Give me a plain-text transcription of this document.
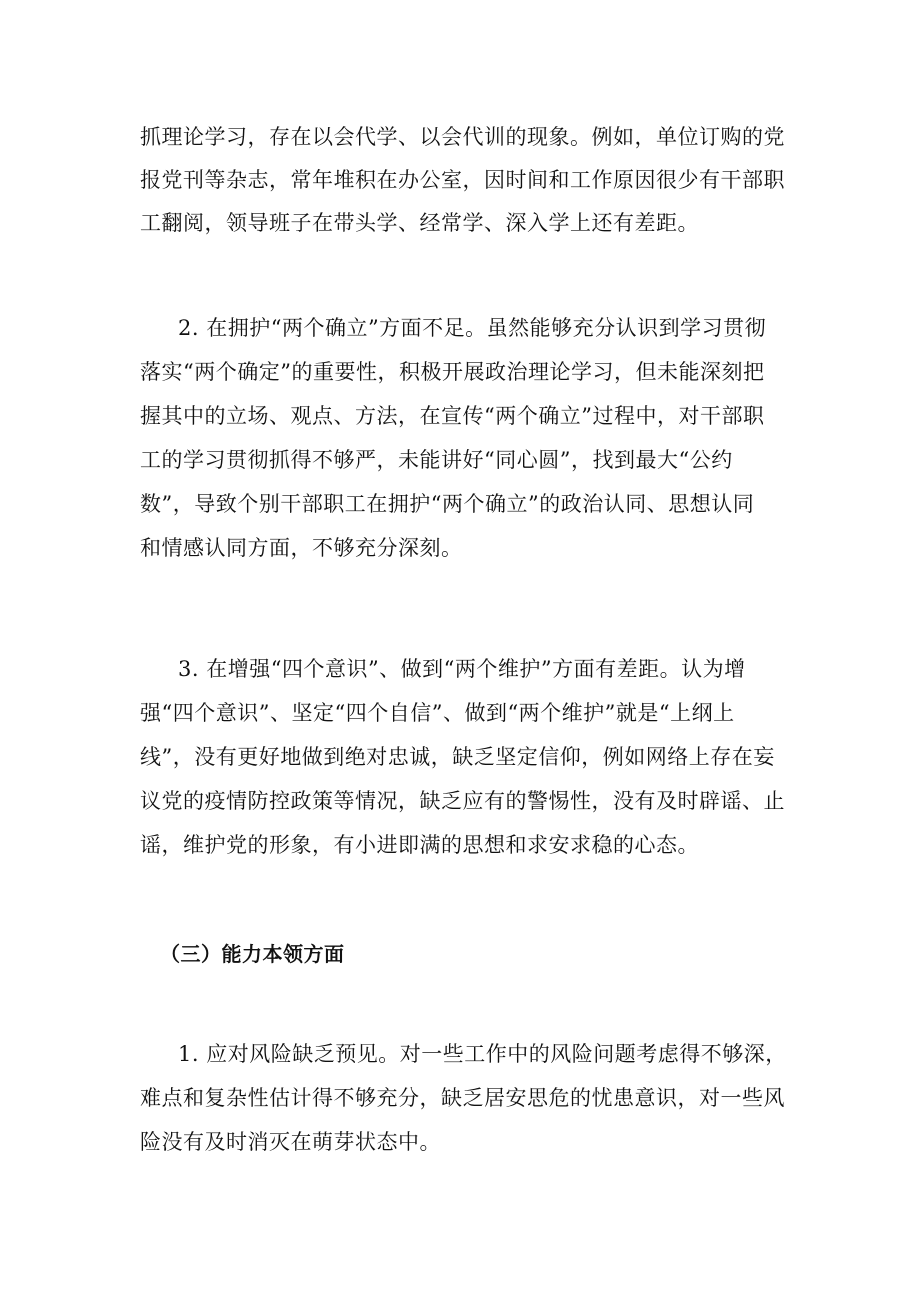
抓理论学习，存在以会代学、以会代训的现象。例如，单位订购的党
报党刊等杂志，常年堆积在办公室，因时间和工作原因很少有干部职
工翻阅，领导班子在带头学、经常学、深入学上还有差距。
2. 在拥护“两个确立”方面不足。虽然能够充分认识到学习贯彻
落实“两个确定”的重要性，积极开展政治理论学习，但未能深刻把
握其中的立场、观点、方法，在宣传“两个确立”过程中，对干部职
工的学习贯彻抓得不够严，未能讲好“同心圆”，找到最大“公约
数”，导致个别干部职工在拥护“两个确立”的政治认同、思想认同
和情感认同方面，不够充分深刻。
3. 在增强“四个意识”、做到“两个维护”方面有差距。认为增
强“四个意识”、坚定“四个自信”、做到“两个维护”就是“上纲上
线”，没有更好地做到绝对忠诚，缺乏坚定信仰，例如网络上存在妄
议党的疫情防控政策等情况，缺乏应有的警惕性，没有及时辟谣、止
谣，维护党的形象，有小进即满的思想和求安求稳的心态。
（三）能力本领方面
1. 应对风险缺乏预见。对一些工作中的风险问题考虑得不够深，
难点和复杂性估计得不够充分，缺乏居安思危的忧患意识，对一些风
险没有及时消灭在萌芽状态中。
